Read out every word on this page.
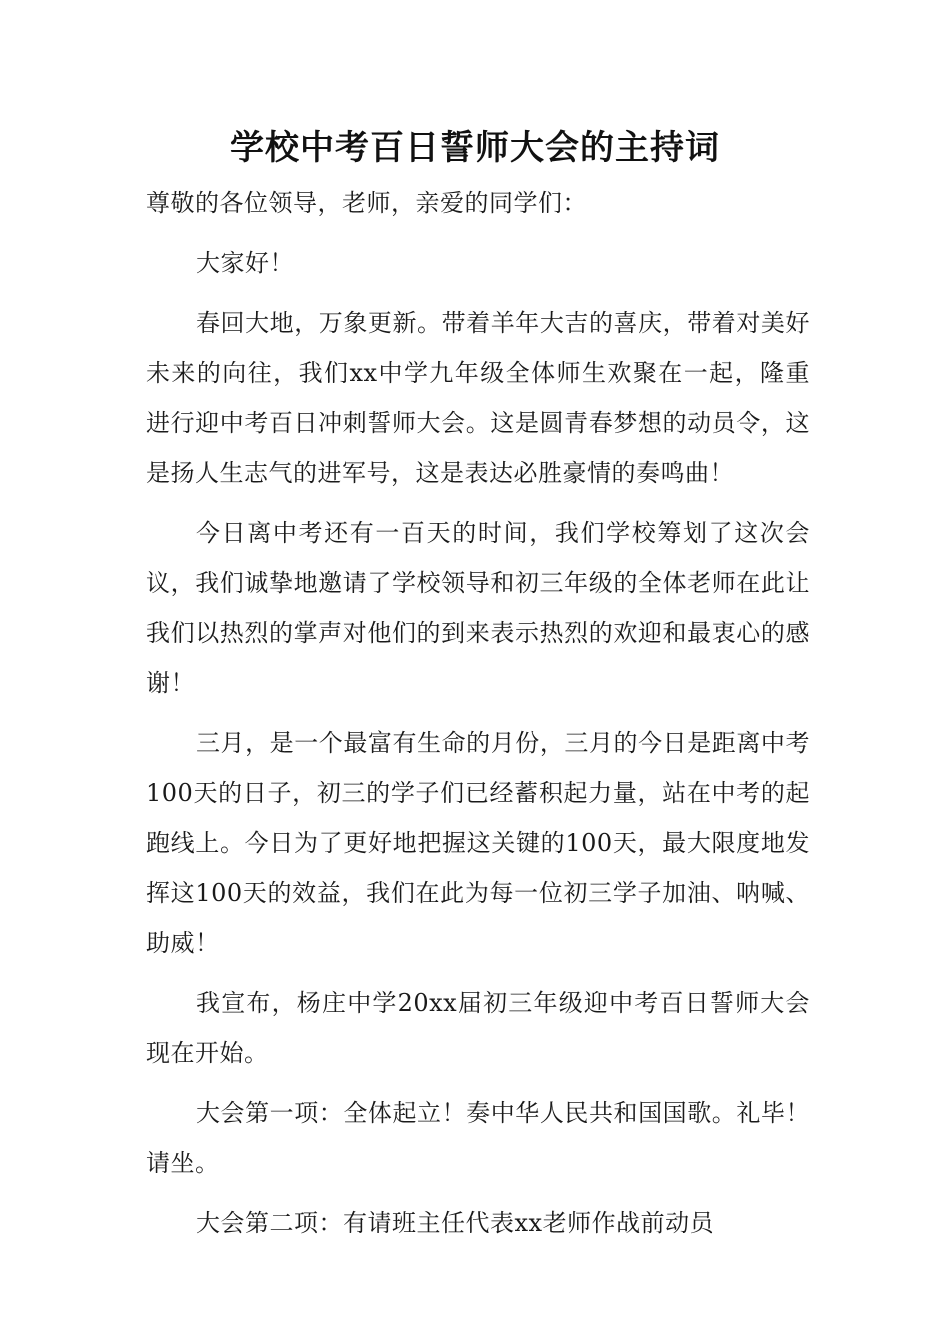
学校中考百日誓师大会的主持词

尊敬的各位领导，老师，亲爱的同学们：

大家好！

春回大地，万象更新。带着羊年大吉的喜庆，带着对美好未来的向往，我们xx中学九年级全体师生欢聚在一起，隆重进行迎中考百日冲刺誓师大会。这是圆青春梦想的动员令，这是扬人生志气的进军号，这是表达必胜豪情的奏鸣曲！

今日离中考还有一百天的时间，我们学校筹划了这次会议，我们诚挚地邀请了学校领导和初三年级的全体老师在此让我们以热烈的掌声对他们的到来表示热烈的欢迎和最衷心的感谢！

三月，是一个最富有生命的月份，三月的今日是距离中考100天的日子，初三的学子们已经蓄积起力量，站在中考的起跑线上。今日为了更好地把握这关键的100天，最大限度地发挥这100天的效益，我们在此为每一位初三学子加油、呐喊、助威！

我宣布，杨庄中学20xx届初三年级迎中考百日誓师大会现在开始。

大会第一项：全体起立！奏中华人民共和国国歌。礼毕！请坐。

大会第二项：有请班主任代表xx老师作战前动员
